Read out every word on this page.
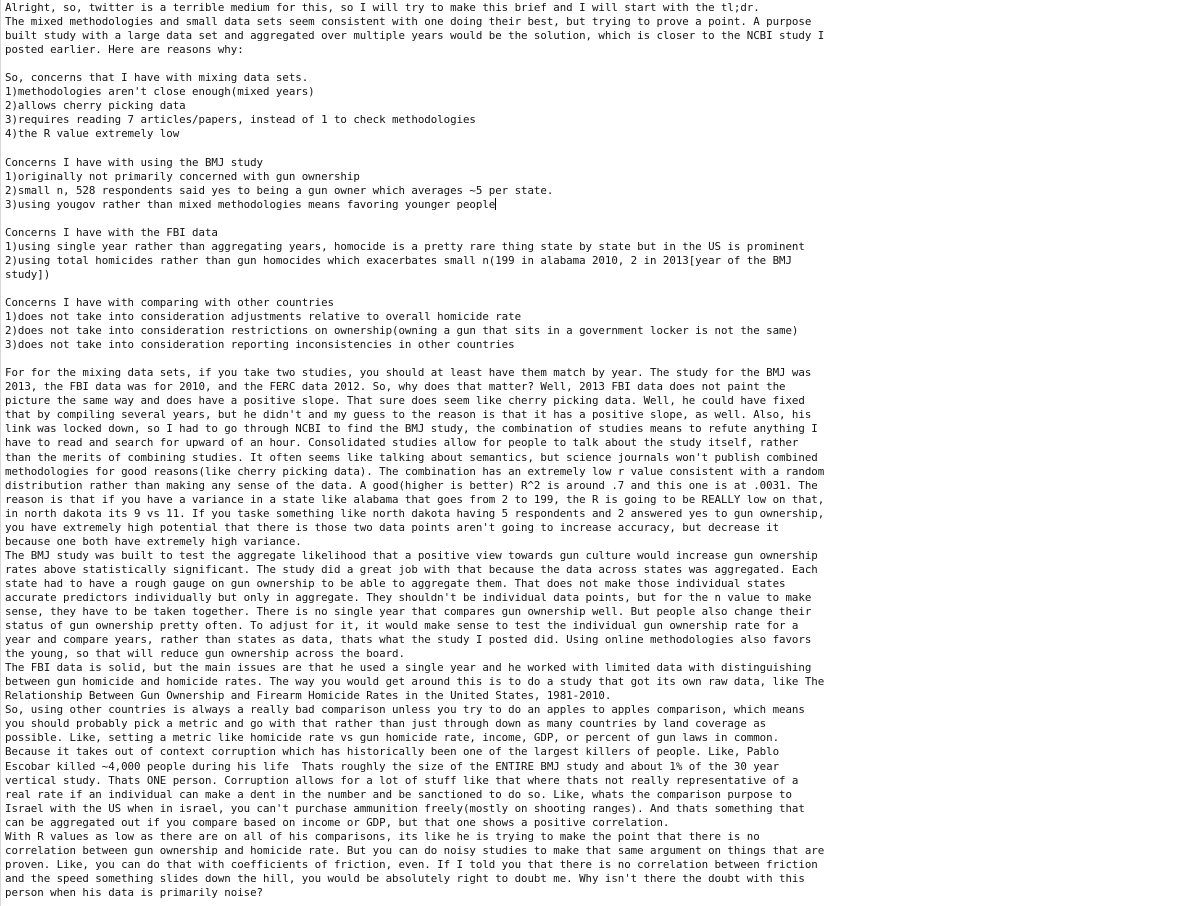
Alright, so, twitter is a terrible medium for this, so I will try to make this brief and I will start with the tl;dr.
The mixed methodologies and small data sets seem consistent with one doing their best, but trying to prove a point. A purpose
built study with a large data set and aggregated over multiple years would be the solution, which is closer to the NCBI study I
posted earlier. Here are reasons why:
So, concerns that I have with mixing data sets.
1)methodologies aren't close enough(mixed years)
2)allows cherry picking data
3)requires reading 7 articles/papers, instead of 1 to check methodologies
4)the R value extremely low
Concerns I have with using the BMJ study
1)originally not primarily concerned with gun ownership
2)small n, 528 respondents said yes to being a gun owner which averages ~5 per state.
3)using yougov rather than mixed methodologies means favoring younger people
Concerns I have with the FBI data
1)using single year rather than aggregating years, homocide is a pretty rare thing state by state but in the US is prominent
2)using total homicides rather than gun homocides which exacerbates small n(199 in alabama 2010, 2 in 2013[year of the BMJ
study])
Concerns I have with comparing with other countries
1)does not take into consideration adjustments relative to overall homicide rate
2)does not take into consideration restrictions on ownership(owning a gun that sits in a government locker is not the same)
3)does not take into consideration reporting inconsistencies in other countries
For for the mixing data sets, if you take two studies, you should at least have them match by year. The study for the BMJ was
2013, the FBI data was for 2010, and the FERC data 2012. So, why does that matter? Well, 2013 FBI data does not paint the
picture the same way and does have a positive slope. That sure does seem like cherry picking data. Well, he could have fixed
that by compiling several years, but he didn't and my guess to the reason is that it has a positive slope, as well. Also, his
link was locked down, so I had to go through NCBI to find the BMJ study, the combination of studies means to refute anything I
have to read and search for upward of an hour. Consolidated studies allow for people to talk about the study itself, rather
than the merits of combining studies. It often seems like talking about semantics, but science journals won't publish combined
methodologies for good reasons(like cherry picking data). The combination has an extremely low r value consistent with a random
distribution rather than making any sense of the data. A good(higher is better) R^2 is around .7 and this one is at .0031. The
reason is that if you have a variance in a state like alabama that goes from 2 to 199, the R is going to be REALLY low on that,
in north dakota its 9 vs 11. If you taske something like north dakota having 5 respondents and 2 answered yes to gun ownership,
you have extremely high potential that there is those two data points aren't going to increase accuracy, but decrease it
because one both have extremely high variance.
The BMJ study was built to test the aggregate likelihood that a positive view towards gun culture would increase gun ownership
rates above statistically significant. The study did a great job with that because the data across states was aggregated. Each
state had to have a rough gauge on gun ownership to be able to aggregate them. That does not make those individual states
accurate predictors individually but only in aggregate. They shouldn't be individual data points, but for the n value to make
sense, they have to be taken together. There is no single year that compares gun ownership well. But people also change their
status of gun ownership pretty often. To adjust for it, it would make sense to test the individual gun ownership rate for a
year and compare years, rather than states as data, thats what the study I posted did. Using online methodologies also favors
the young, so that will reduce gun ownership across the board.
The FBI data is solid, but the main issues are that he used a single year and he worked with limited data with distinguishing
between gun homicide and homicide rates. The way you would get around this is to do a study that got its own raw data, like The
Relationship Between Gun Ownership and Firearm Homicide Rates in the United States, 1981-2010.
So, using other countries is always a really bad comparison unless you try to do an apples to apples comparison, which means
you should probably pick a metric and go with that rather than just through down as many countries by land coverage as
possible. Like, setting a metric like homicide rate vs gun homicide rate, income, GDP, or percent of gun laws in common.
Because it takes out of context corruption which has historically been one of the largest killers of people. Like, Pablo
Escobar killed ~4,000 people during his life  Thats roughly the size of the ENTIRE BMJ study and about 1% of the 30 year
vertical study. Thats ONE person. Corruption allows for a lot of stuff like that where thats not really representative of a
real rate if an individual can make a dent in the number and be sanctioned to do so. Like, whats the comparison purpose to
Israel with the US when in israel, you can't purchase ammunition freely(mostly on shooting ranges). And thats something that
can be aggregated out if you compare based on income or GDP, but that one shows a positive correlation.
With R values as low as there are on all of his comparisons, its like he is trying to make the point that there is no
correlation between gun ownership and homicide rate. But you can do noisy studies to make that same argument on things that are
proven. Like, you can do that with coefficients of friction, even. If I told you that there is no correlation between friction
and the speed something slides down the hill, you would be absolutely right to doubt me. Why isn't there the doubt with this
person when his data is primarily noise?
